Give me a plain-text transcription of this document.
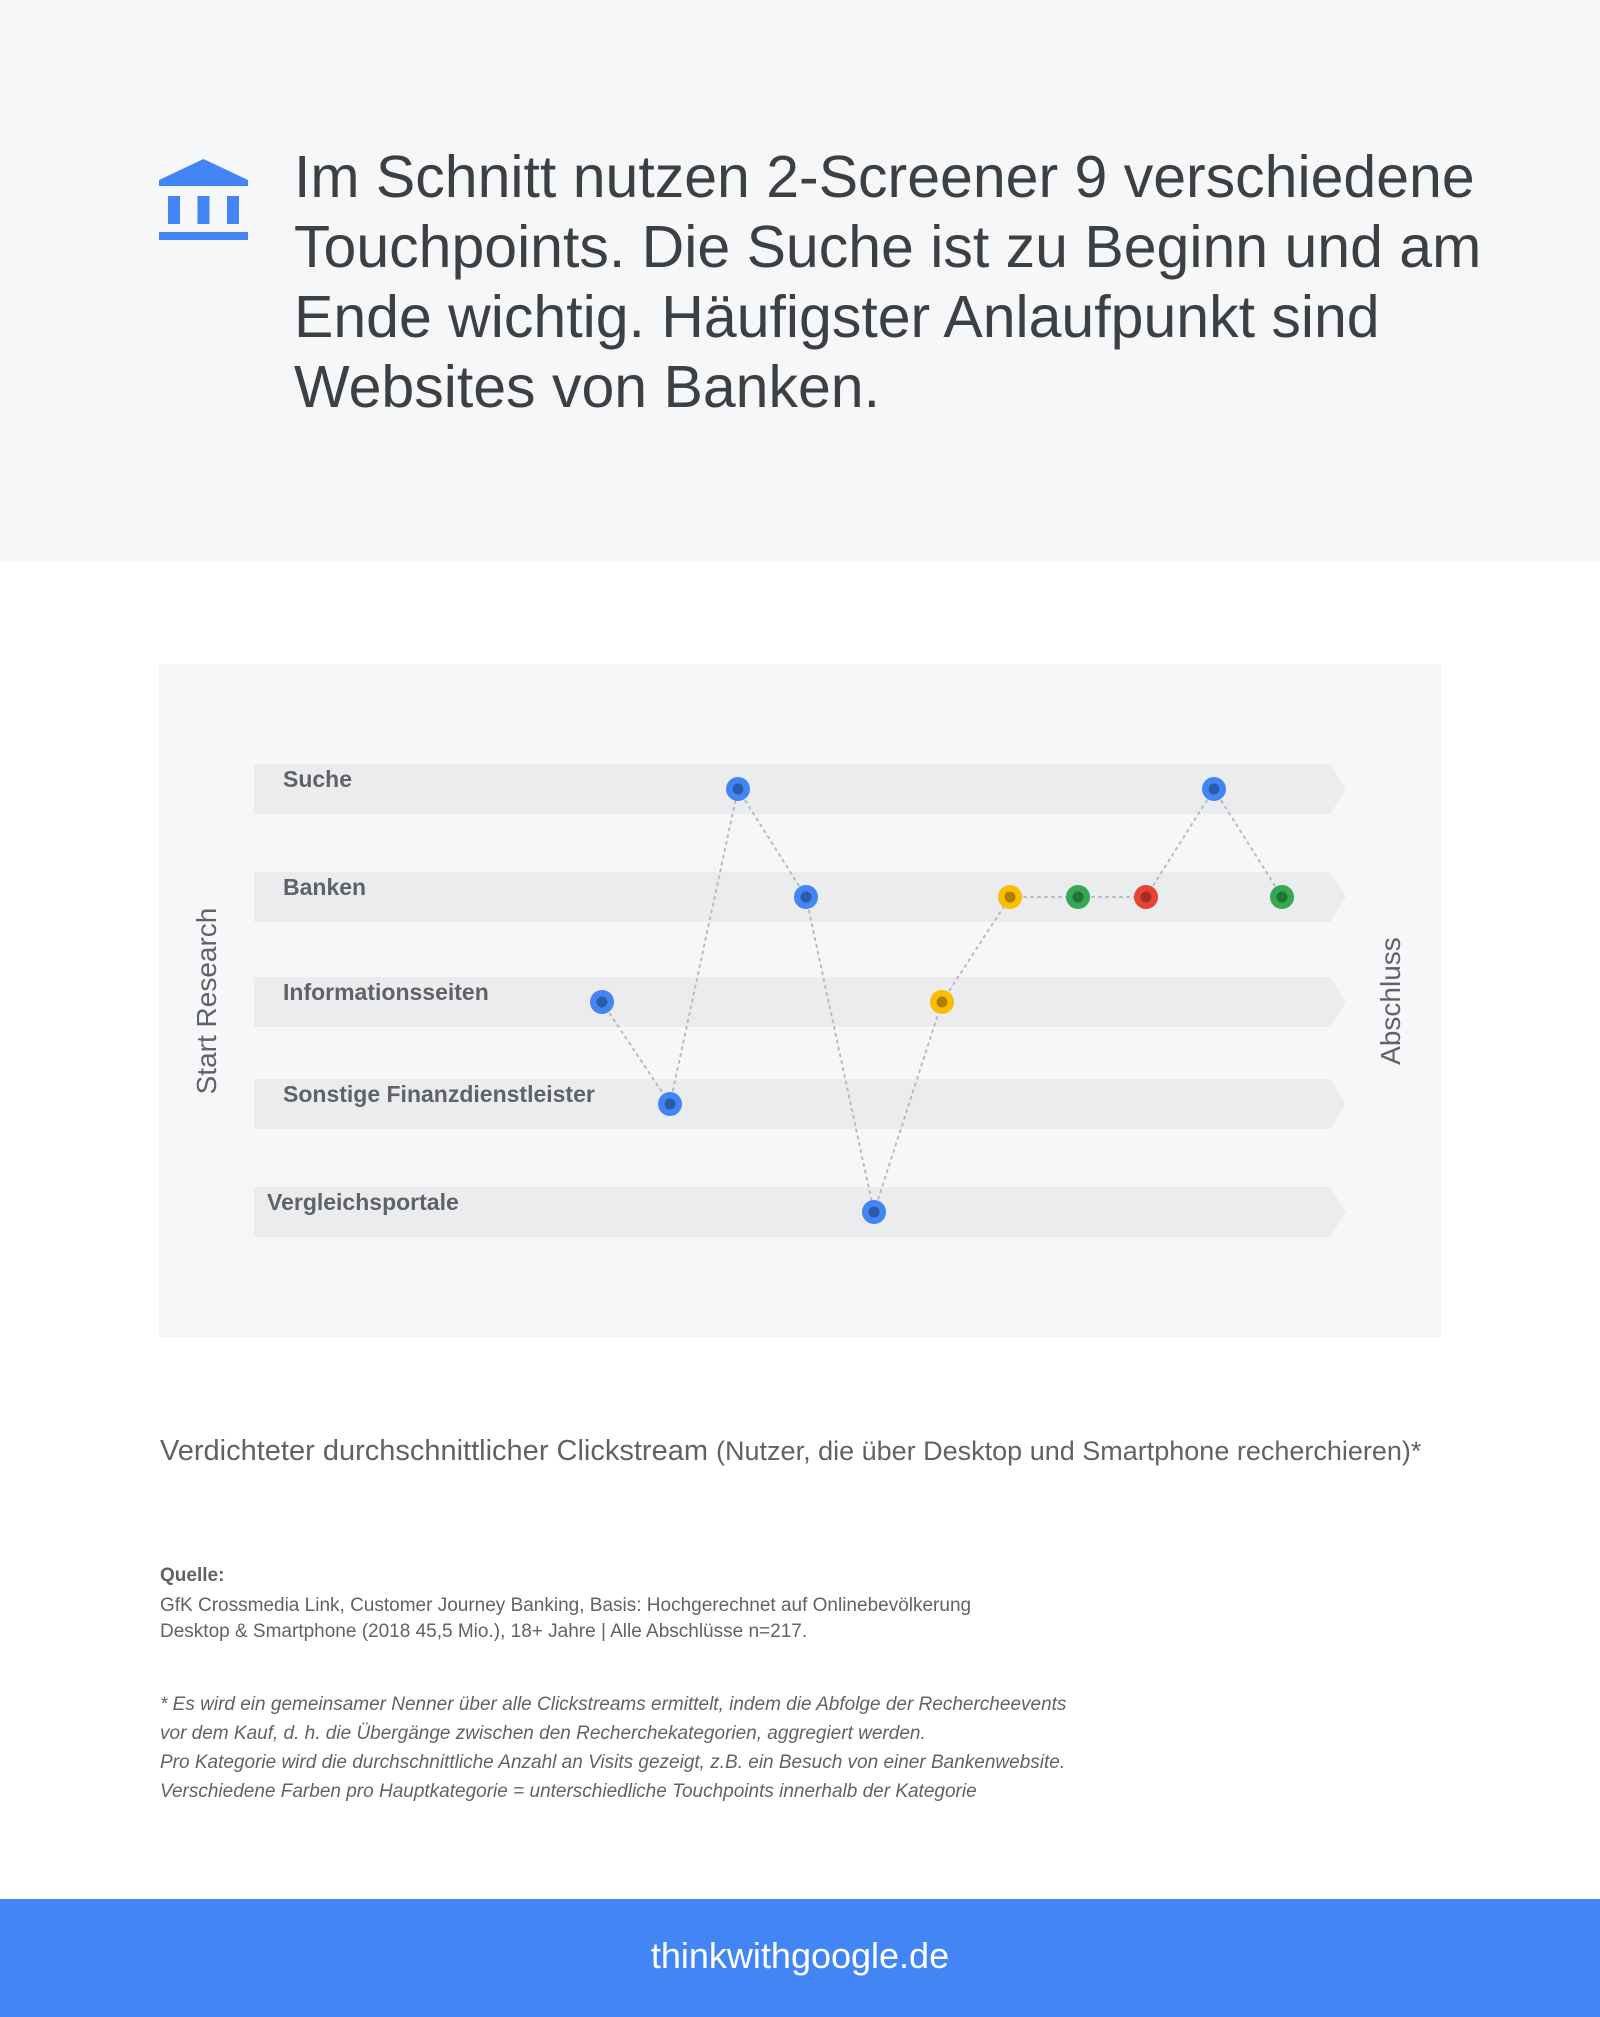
Im Schnitt nutzen 2-Screener 9 verschiedene Touchpoints. Die Suche ist zu Beginn und am Ende wichtig. Häufigster Anlaufpunkt sind Websites von Banken.
Suche
Banken
Informationsseiten
Sonstige Finanzdienstleister
Vergleichsportale
Start Research	Abschluss
Verdichteter durchschnittlicher Clickstream (Nutzer, die über Desktop und Smartphone recherchieren)*
Quelle:
GfK Crossmedia Link, Customer Journey Banking, Basis: Hochgerechnet auf Onlinebevölkerung
Desktop & Smartphone (2018 45,5 Mio.), 18+ Jahre | Alle Abschlüsse n=217.
* Es wird ein gemeinsamer Nenner über alle Clickstreams ermittelt, indem die Abfolge der Rechercheevents
vor dem Kauf, d. h. die Übergänge zwischen den Recherchekategorien, aggregiert werden.
Pro Kategorie wird die durchschnittliche Anzahl an Visits gezeigt, z.B. ein Besuch von einer Bankenwebsite.
Verschiedene Farben pro Hauptkategorie = unterschiedliche Touchpoints innerhalb der Kategorie
thinkwithgoogle.de
